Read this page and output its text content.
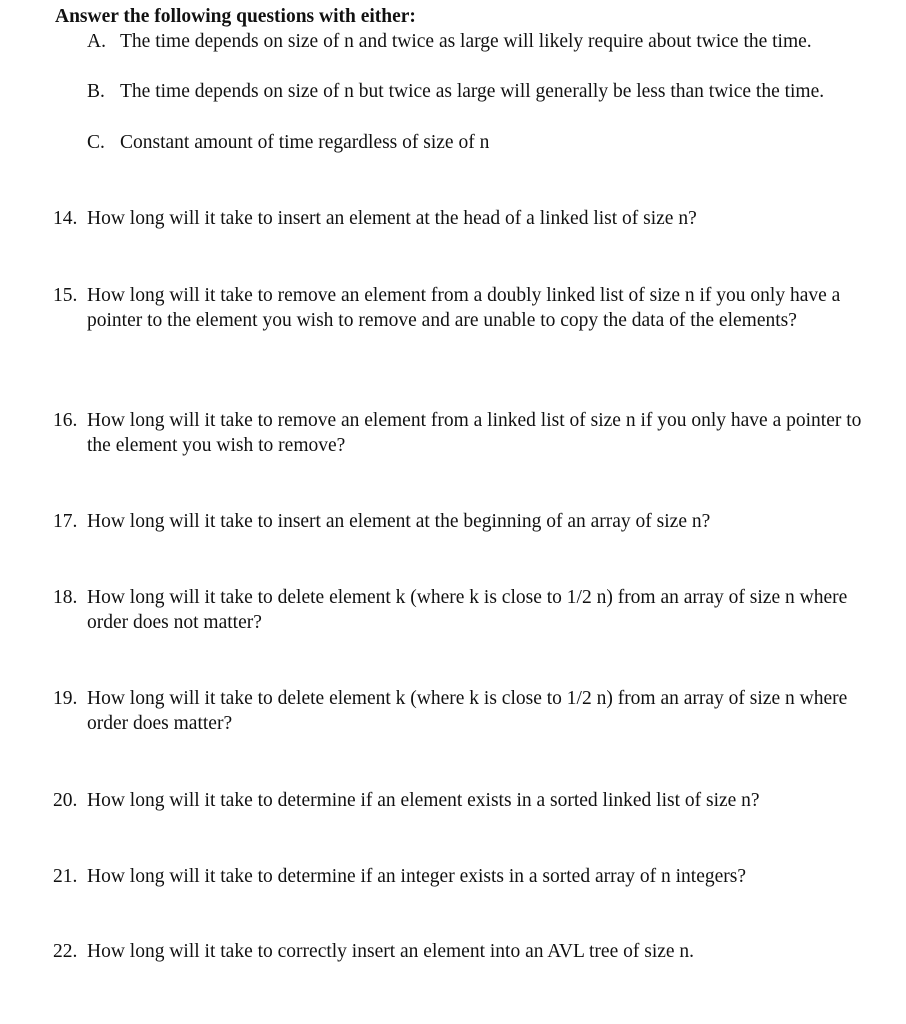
Answer the following questions with either:
A. The time depends on size of n and twice as large will likely require about twice the time.
B. The time depends on size of n but twice as large will generally be less than twice the time.
C. Constant amount of time regardless of size of n
14. How long will it take to insert an element at the head of a linked list of size n?
15. How long will it take to remove an element from a doubly linked list of size n if you only have a pointer to the element you wish to remove and are unable to copy the data of the elements?
16. How long will it take to remove an element from a linked list of size n if you only have a pointer to the element you wish to remove?
17. How long will it take to insert an element at the beginning of an array of size n?
18. How long will it take to delete element k (where k is close to 1/2 n) from an array of size n where order does not matter?
19. How long will it take to delete element k (where k is close to 1/2 n) from an array of size n where order does matter?
20. How long will it take to determine if an element exists in a sorted linked list of size n?
21. How long will it take to determine if an integer exists in a sorted array of n integers?
22. How long will it take to correctly insert an element into an AVL tree of size n.
